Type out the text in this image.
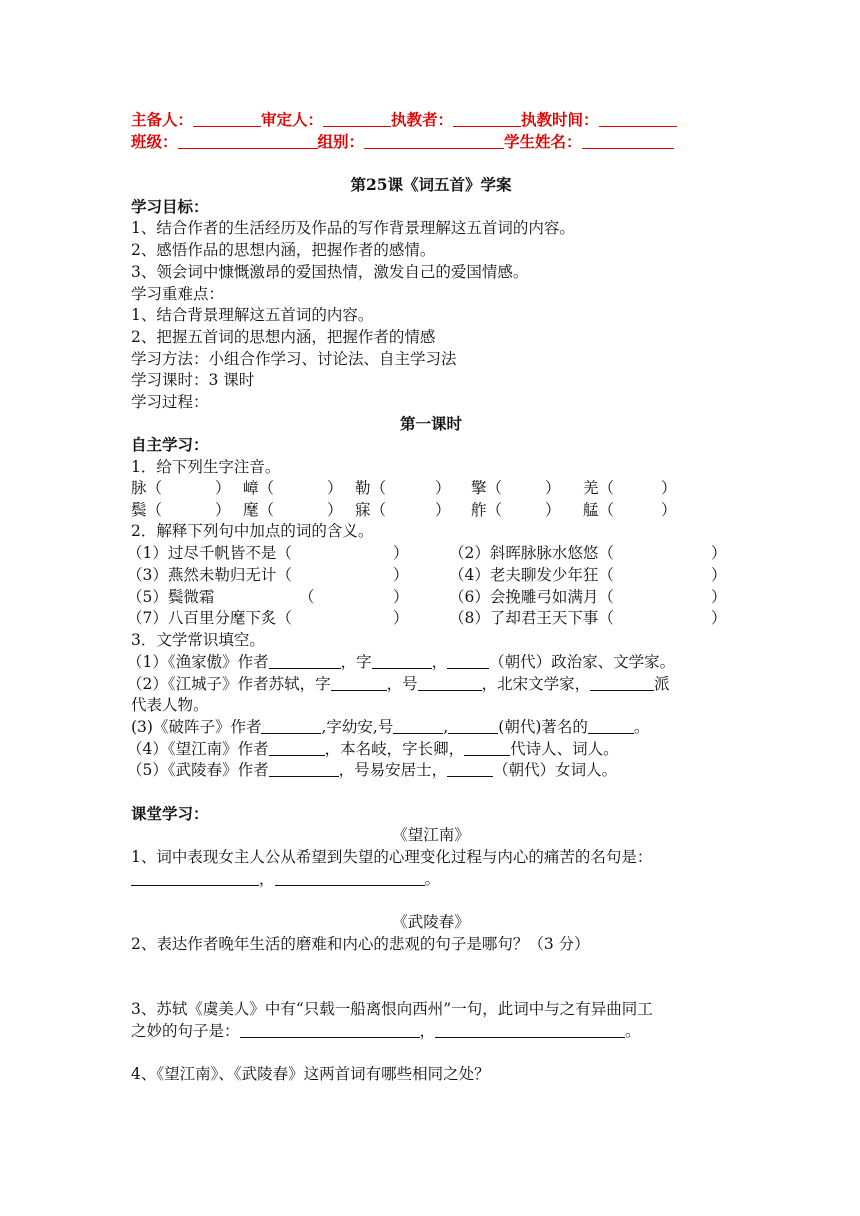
主备人：	审定人：	执教者：	执教时间：
班级：	组别：	学生姓名：
第25课《词五首》学案
学习目标：
1、结合作者的生活经历及作品的写作背景理解这五首词的内容。
2、感悟作品的思想内涵，把握作者的感情。
3、领会词中慷慨激昂的爱国热情，激发自己的爱国情感。
学习重难点：
1、结合背景理解这五首词的内容。
2、把握五首词的思想内涵，把握作者的情感
学习方法：小组合作学习、讨论法、自主学习法
学习课时：3 课时
学习过程：
第一课时
自主学习：
1．给下列生字注音。
脉（	） 嶂（	） 勒（	） 擎（	） 羌（	）
鬓（	） 麾（	） 寐（	） 舴（	） 艋（	）
2．解释下列句中加点的词的含义。
（1）过尽千帆皆不是（	）	（2）斜晖脉脉水悠悠（	）
（3）燕然未勒归无计（	）	（4）老夫聊发少年狂（	）
（5）鬓微霜	（	）	（6）会挽雕弓如满月（	）
（7）八百里分麾下炙（	）	（8）了却君王天下事（	）
3．文学常识填空。
（1）《渔家傲》作者	，字	，	（朝代）政治家、文学家。
（2）《江城子》作者苏轼，字	，号	，北宋文学家，	派
代表人物。
(3)《破阵子》作者	,字幼安,号	,	(朝代)著名的	。
（4）《望江南》作者	，本名岐，字长卿，	代诗人、词人。
（5）《武陵春》作者	，号易安居士，	（朝代）女词人。
课堂学习：
《望江南》
1、词中表现女主人公从希望到失望的心理变化过程与内心的痛苦的名句是：
，	。
《武陵春》
2、表达作者晚年生活的磨难和内心的悲观的句子是哪句？（3 分）
3、苏轼《虞美人》中有“只载一船离恨向西州”一句，此词中与之有异曲同工
之妙的句子是：	，	。
4、《望江南》、《武陵春》这两首词有哪些相同之处？
